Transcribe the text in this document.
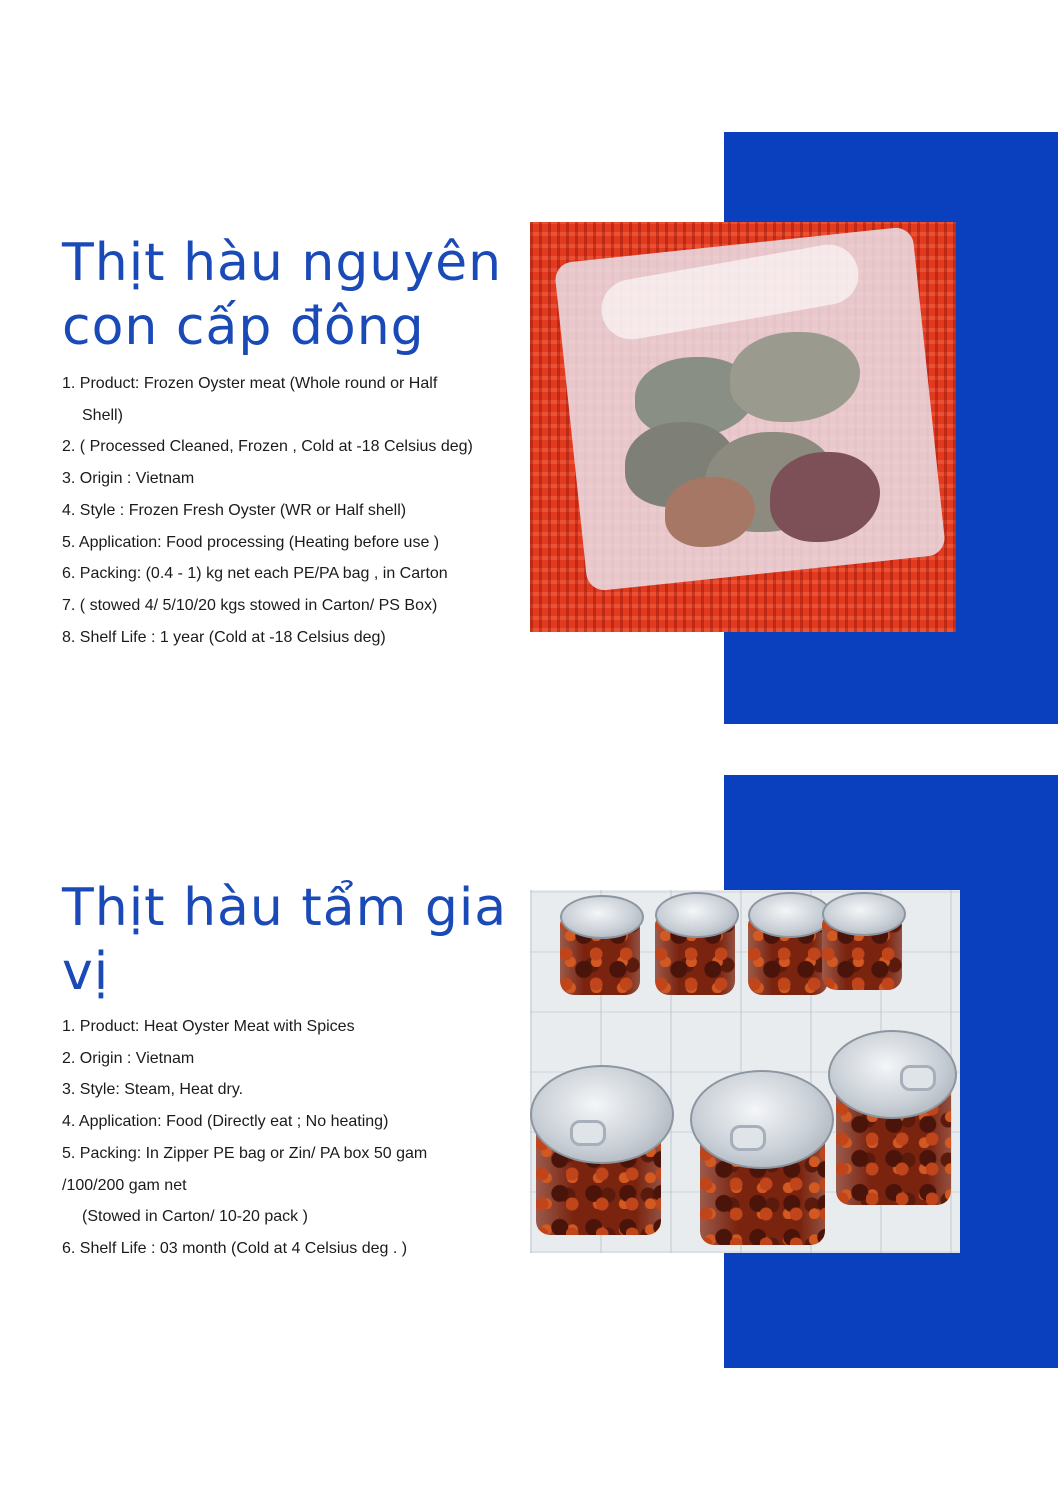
Thịt hàu nguyên con cấp đông
1. Product: Frozen Oyster meat (Whole round or Half
Shell)
2. ( Processed Cleaned, Frozen , Cold at -18 Celsius deg)
3. Origin : Vietnam
4. Style : Frozen Fresh Oyster (WR or Half shell)
5. Application: Food processing (Heating before use )
6. Packing: (0.4 - 1) kg net each PE/PA bag , in Carton
7. ( stowed 4/ 5/10/20 kgs stowed in Carton/ PS Box)
8. Shelf Life : 1 year (Cold at -18 Celsius deg)
Thịt hàu tẩm gia vị
1. Product: Heat Oyster Meat with Spices
2. Origin : Vietnam
3. Style: Steam, Heat dry.
4. Application: Food (Directly eat ; No heating)
5. Packing: In Zipper PE bag or Zin/ PA box 50 gam
/100/200 gam net
(Stowed in Carton/ 10-20 pack )
6. Shelf Life : 03 month (Cold at 4 Celsius deg . )
